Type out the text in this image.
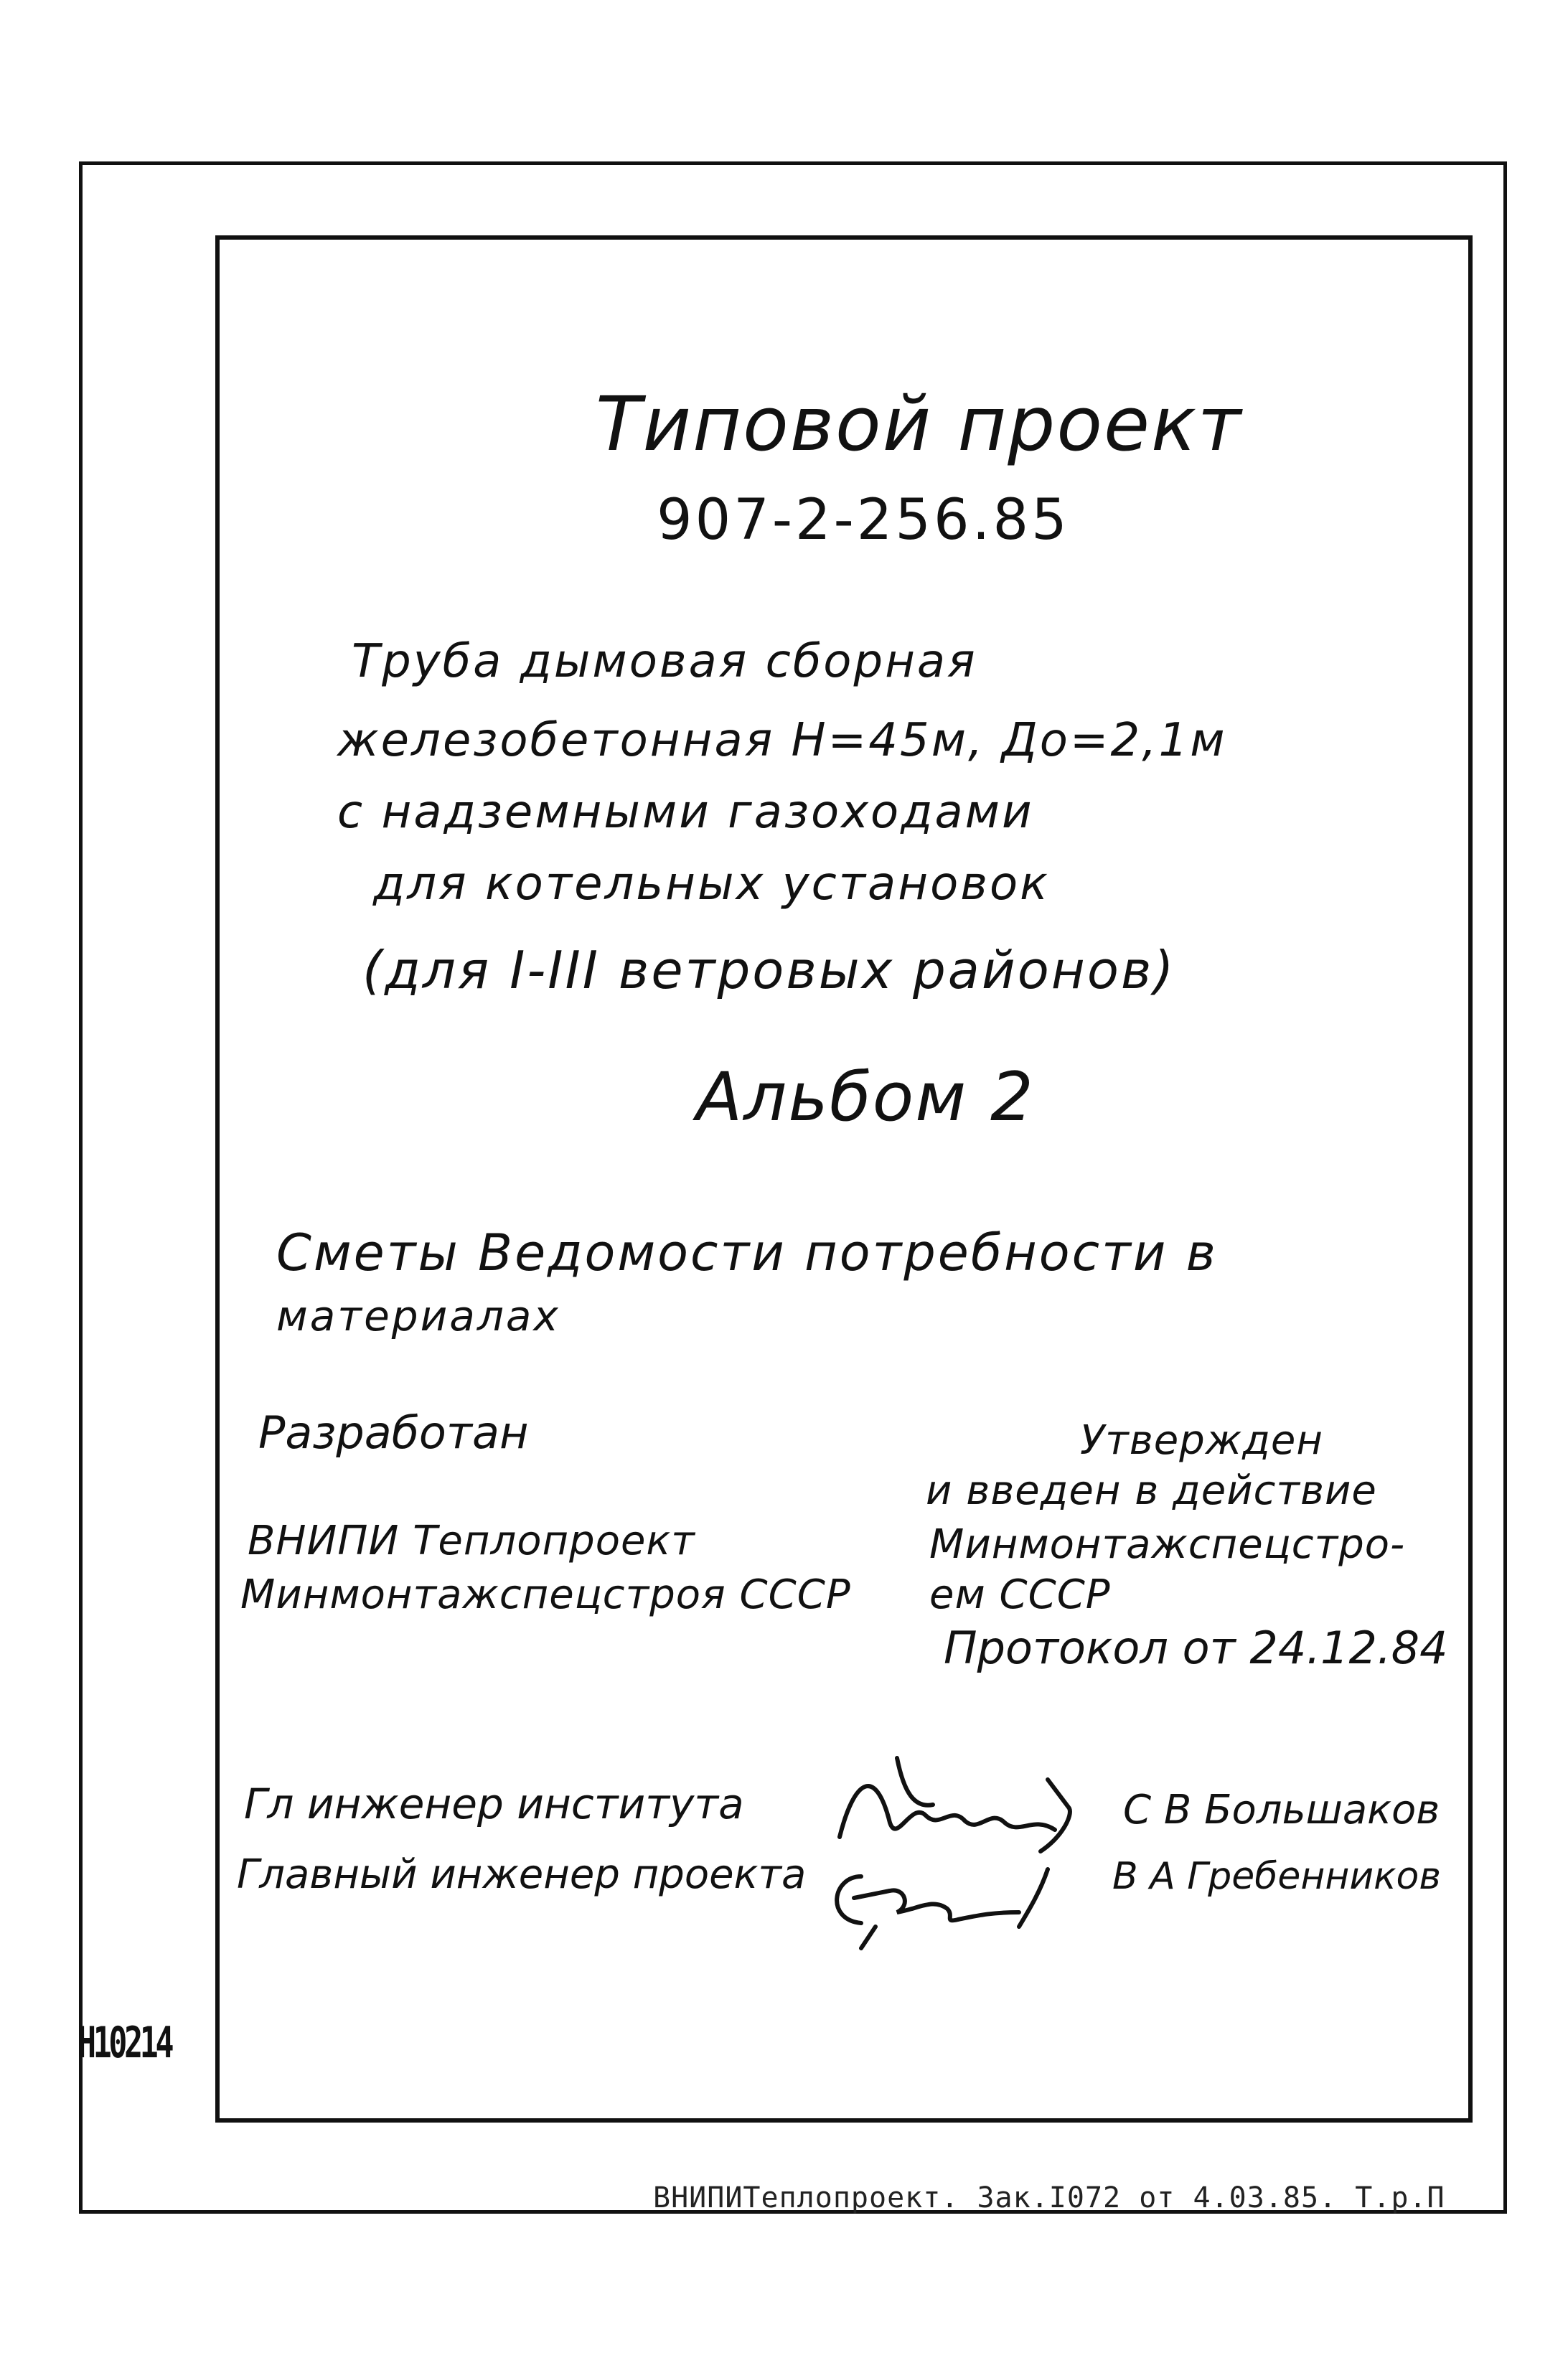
Типовой проект
907-2-256.85
Труба дымовая сборная
железобетонная H=45м, До=2,1м
с надземными газоходами
для котельных установок
(для I-III ветровых районов)
Альбом 2
Сметы Ведомости потребности в
материалах
Разработан
ВНИПИ Теплопроект
Минмонтажспецстроя СССР
Утвержден
и введен в действие
Минмонтажспецстро-
ем СССР
Протокол от 24.12.84
Гл инженер института
Главный инженер проекта
С В Большаков
В А Гребенников
Н10214
ВНИПИТеплопроект. Зак.I072 от 4.03.85. Т.р.П
